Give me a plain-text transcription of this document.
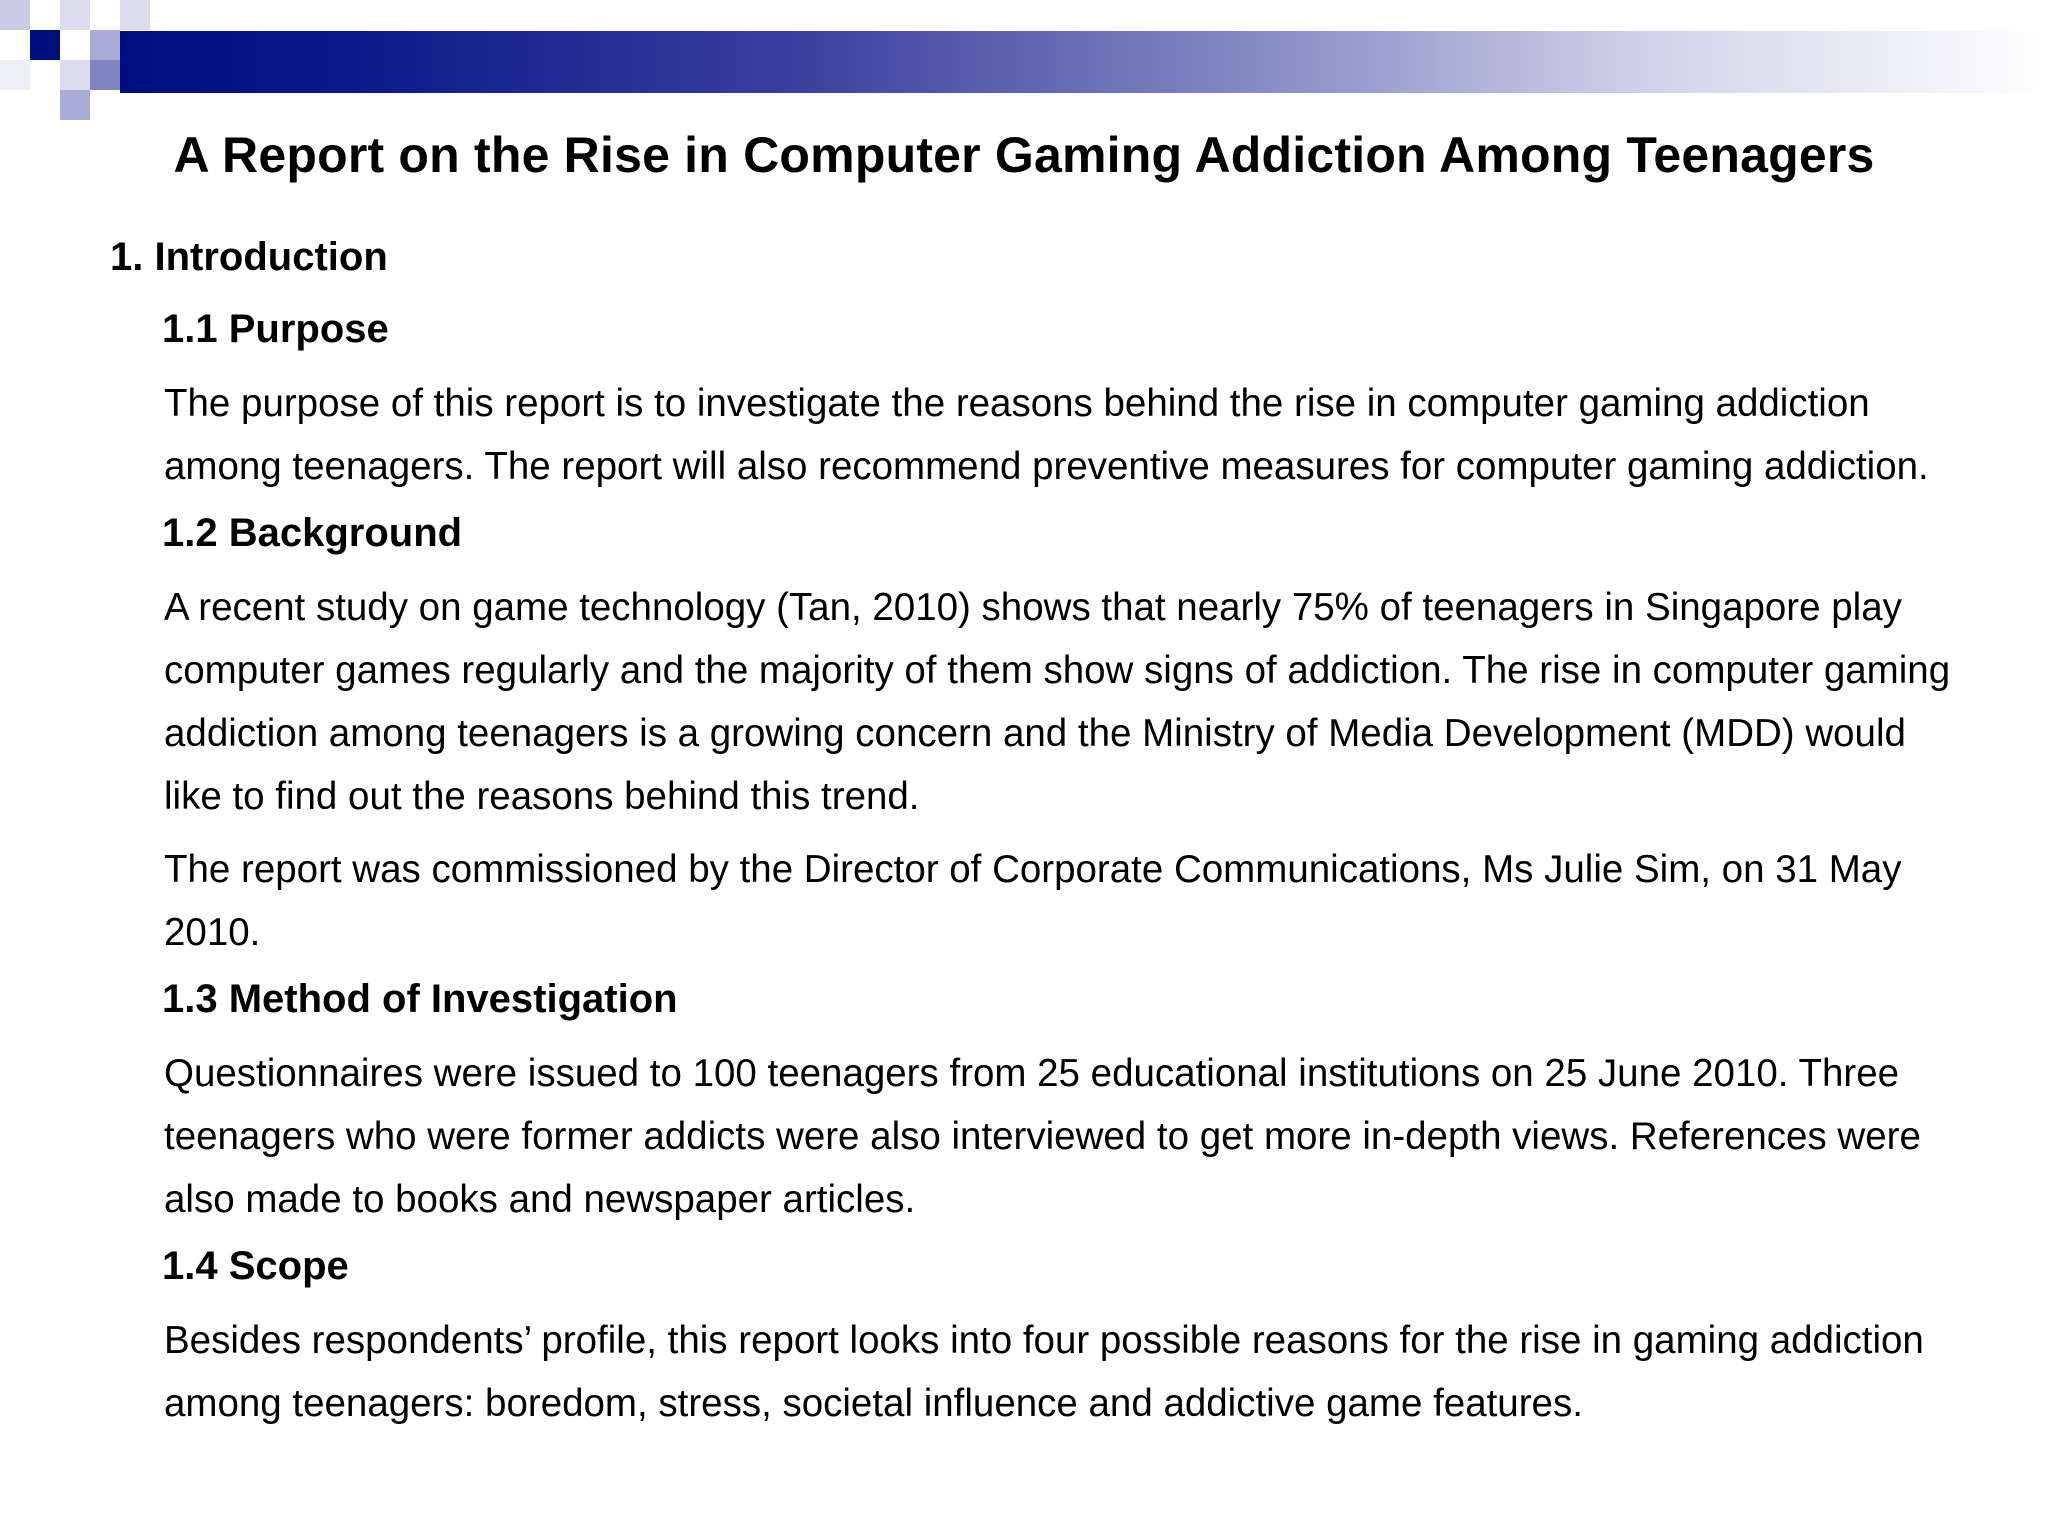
A Report on the Rise in Computer Gaming Addiction Among Teenagers
1. Introduction
1.1 Purpose
The purpose of this report is to investigate the reasons behind the rise in computer gaming addiction among teenagers. The report will also recommend preventive measures for computer gaming addiction.
1.2 Background
A recent study on game technology (Tan, 2010) shows that nearly 75% of teenagers in Singapore play computer games regularly and the majority of them show signs of addiction. The rise in computer gaming addiction among teenagers is a growing concern and the Ministry of Media Development (MDD) would like to find out the reasons behind this trend.
The report was commissioned by the Director of Corporate Communications, Ms Julie Sim, on 31 May 2010.
1.3 Method of Investigation
Questionnaires were issued to 100 teenagers from 25 educational institutions on 25 June 2010. Three teenagers who were former addicts were also interviewed to get more in-depth views. References were also made to books and newspaper articles.
1.4 Scope
Besides respondents’ profile, this report looks into four possible reasons for the rise in gaming addiction among teenagers: boredom, stress, societal influence and addictive game features.
